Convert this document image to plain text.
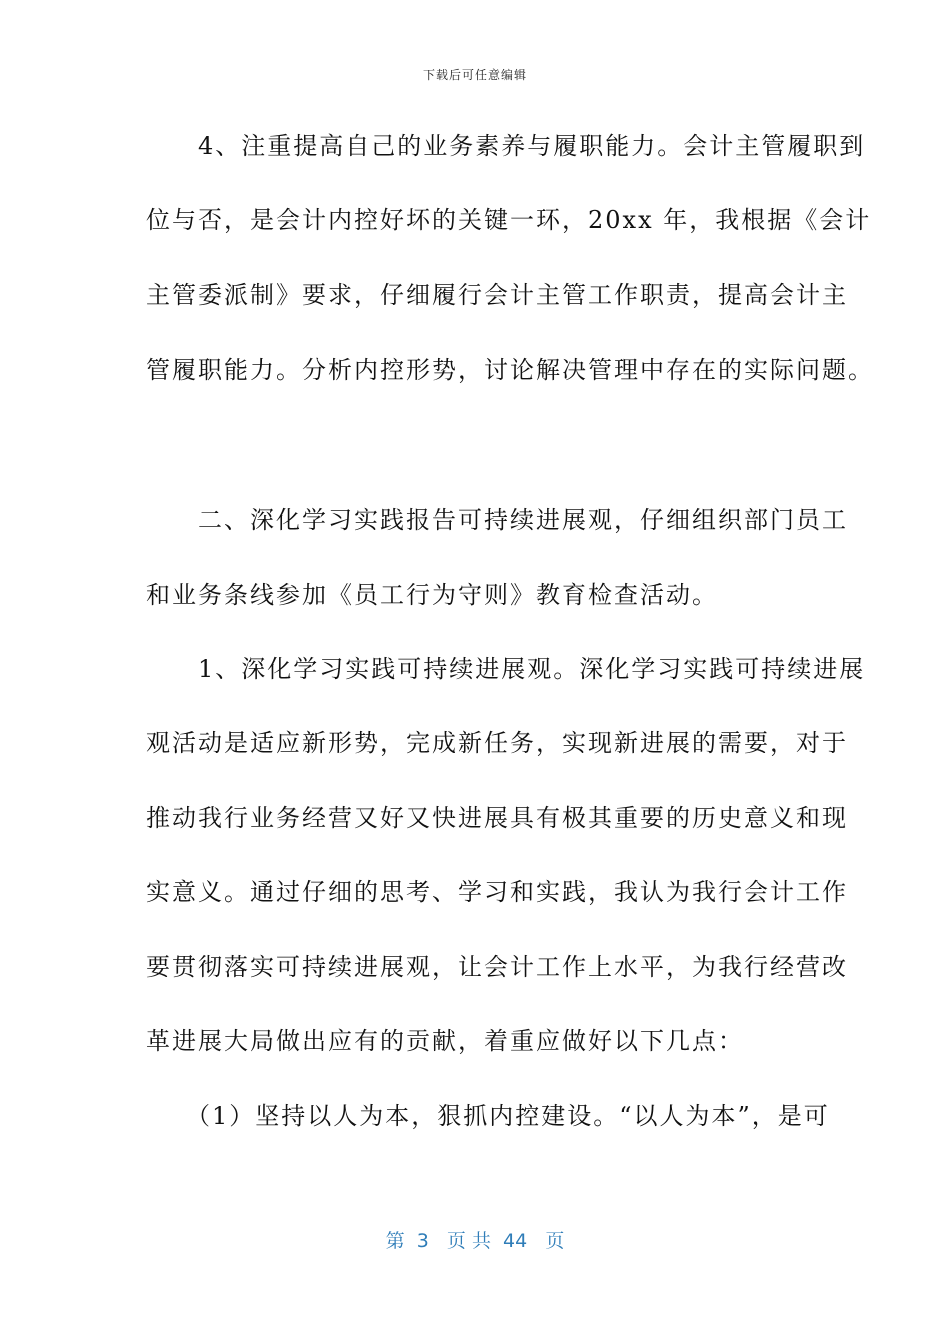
下载后可任意编辑
　　4、注重提高自己的业务素养与履职能力。会计主管履职到
位与否，是会计内控好坏的关键一环，20xx 年，我根据《会计
主管委派制》要求，仔细履行会计主管工作职责，提高会计主
管履职能力。分析内控形势，讨论解决管理中存在的实际问题。
　　二、深化学习实践报告可持续进展观，仔细组织部门员工
和业务条线参加《员工行为守则》教育检查活动。
　　1、深化学习实践可持续进展观。深化学习实践可持续进展
观活动是适应新形势，完成新任务，实现新进展的需要，对于
推动我行业务经营又好又快进展具有极其重要的历史意义和现
实意义。通过仔细的思考、学习和实践，我认为我行会计工作
要贯彻落实可持续进展观，让会计工作上水平，为我行经营改
革进展大局做出应有的贡献，着重应做好以下几点：
　　（1）坚持以人为本，狠抓内控建设。“以人为本”，是可
第  3   页 共  44   页
